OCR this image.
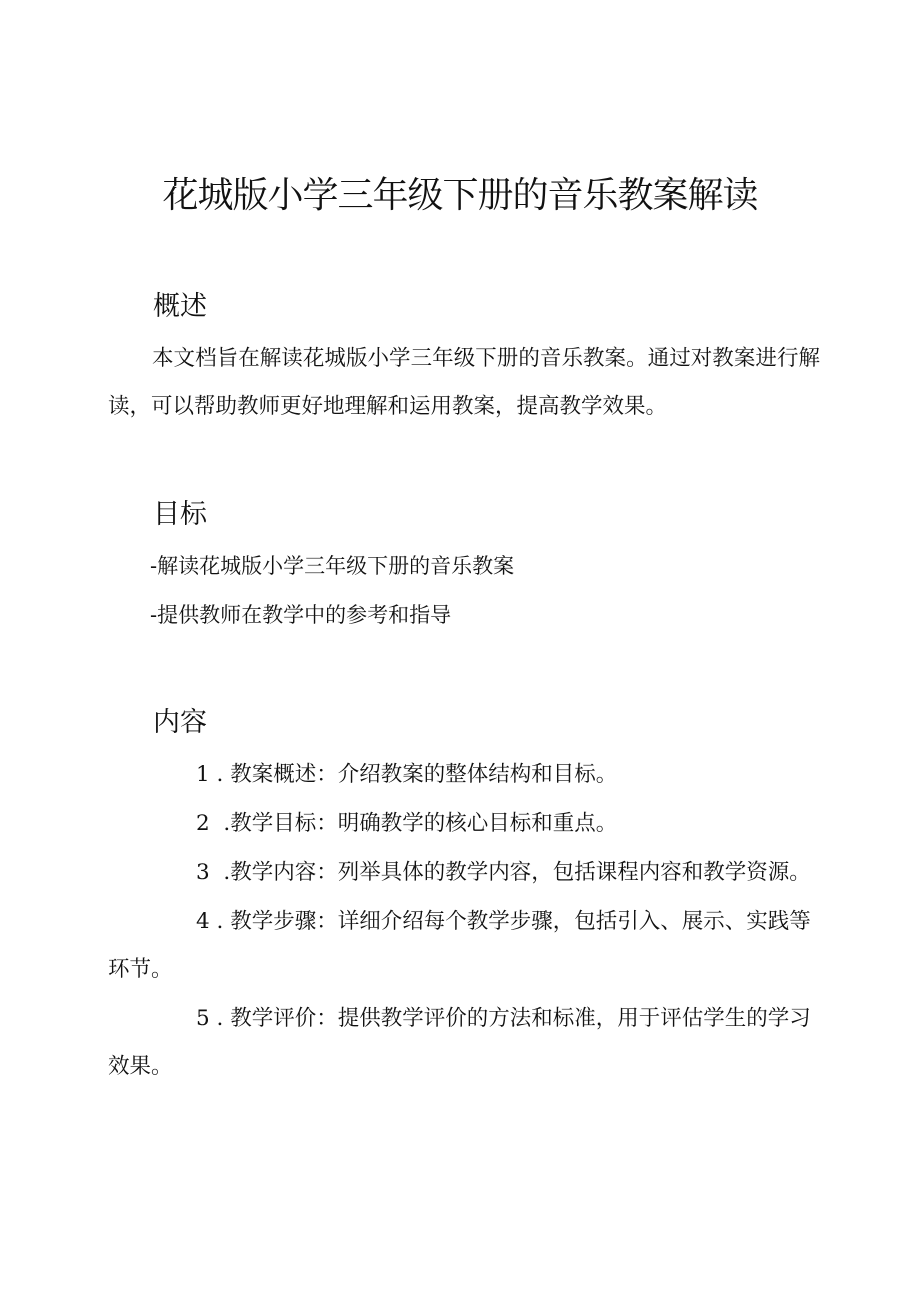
花城版小学三年级下册的音乐教案解读
概述

本文档旨在解读花城版小学三年级下册的音乐教案。通过对教案进行解读，可以帮助教师更好地理解和运用教案，提高教学效果。

目标
-解读花城版小学三年级下册的音乐教案
-提供教师在教学中的参考和指导
内容

1 . 教案概述：介绍教案的整体结构和目标。

2  .教学目标：明确教学的核心目标和重点。

3  .教学内容：列举具体的教学内容，包括课程内容和教学资源。

4 . 教学步骤：详细介绍每个教学步骤，包括引入、展示、实践等环节。

5 . 教学评价：提供教学评价的方法和标准，用于评估学生的学习效果。
